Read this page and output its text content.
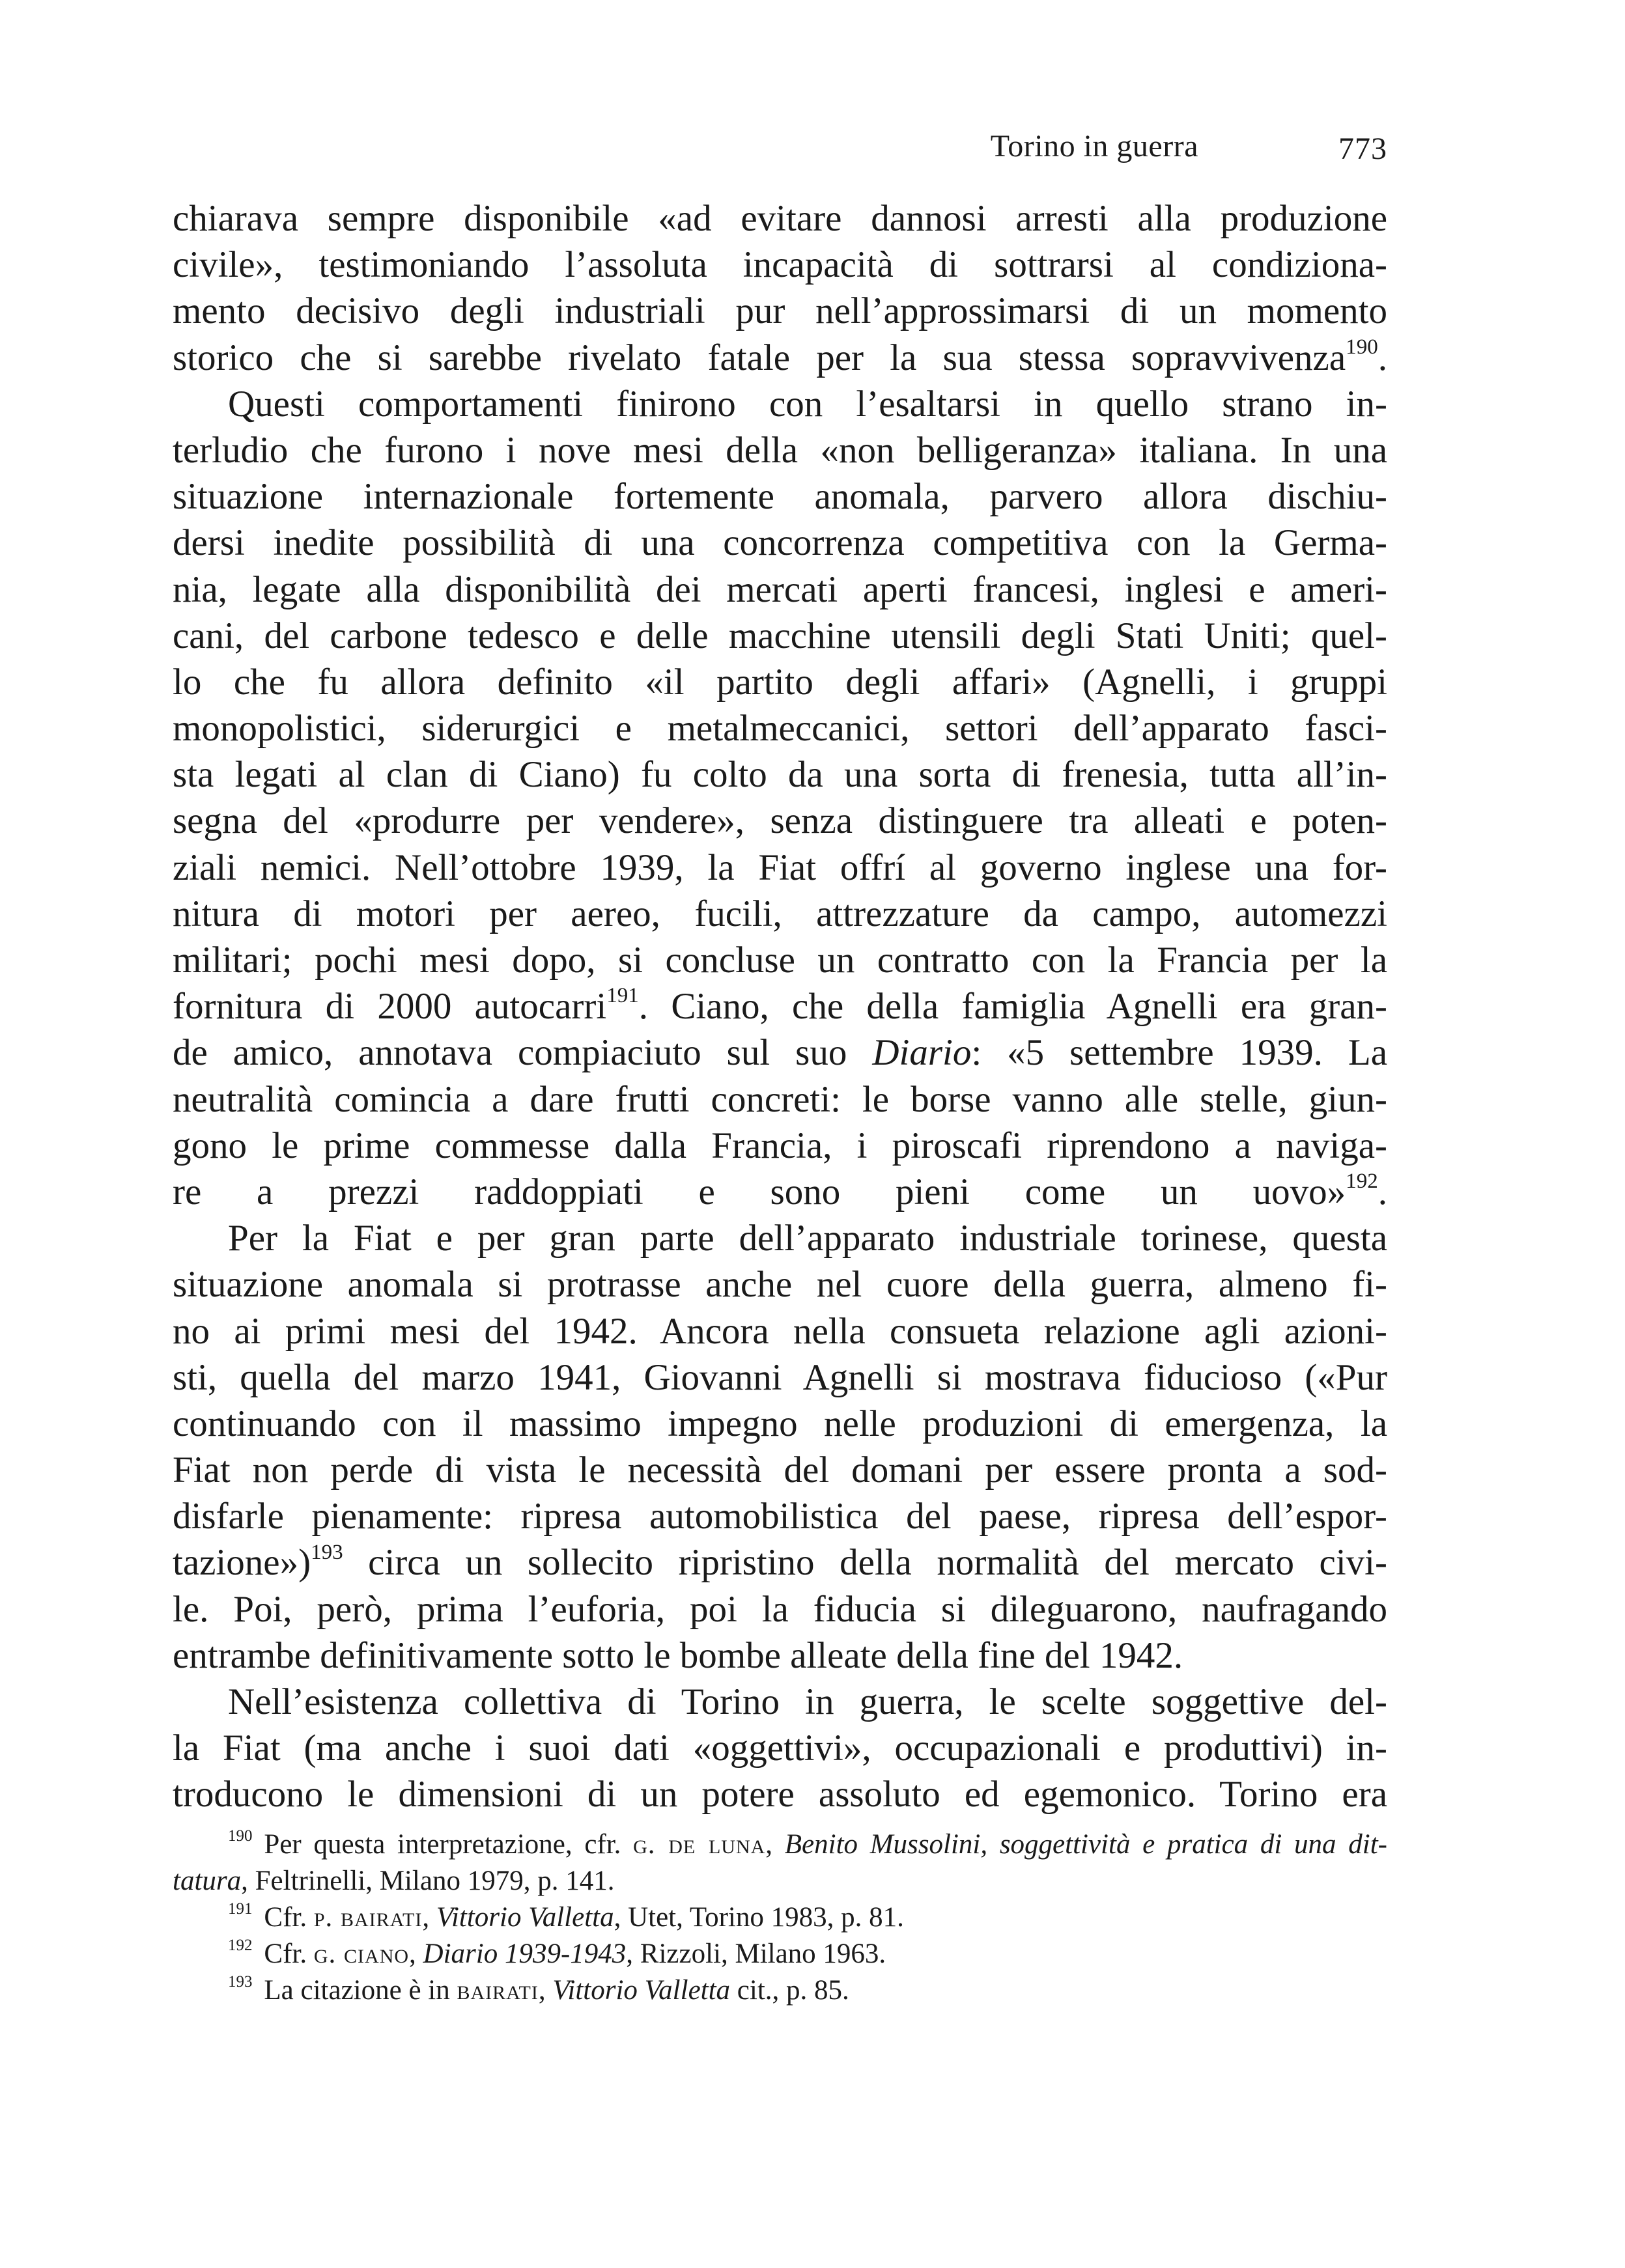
Torino in guerra	773
chiarava sempre disponibile «ad evitare dannosi arresti alla produzione
civile», testimoniando l’assoluta incapacità di sottrarsi al condiziona-
mento decisivo degli industriali pur nell’approssimarsi di un momento
storico che si sarebbe rivelato fatale per la sua stessa sopravvivenza$^{190}$.
Questi comportamenti finirono con l’esaltarsi in quello strano in-
terludio che furono i nove mesi della «non belligeranza» italiana. In una
situazione internazionale fortemente anomala, parvero allora dischiu-
dersi inedite possibilità di una concorrenza competitiva con la Germa-
nia, legate alla disponibilità dei mercati aperti francesi, inglesi e ameri-
cani, del carbone tedesco e delle macchine utensili degli Stati Uniti; quel-
lo che fu allora definito «il partito degli affari» (Agnelli, i gruppi
monopolistici, siderurgici e metalmeccanici, settori dell’apparato fasci-
sta legati al clan di Ciano) fu colto da una sorta di frenesia, tutta all’in-
segna del «produrre per vendere», senza distinguere tra alleati e poten-
ziali nemici. Nell’ottobre 1939, la Fiat offrí al governo inglese una for-
nitura di motori per aereo, fucili, attrezzature da campo, automezzi
militari; pochi mesi dopo, si concluse un contratto con la Francia per la
fornitura di 2000 autocarri$^{191}$. Ciano, che della famiglia Agnelli era gran-
de amico, annotava compiaciuto sul suo Diario: «5 settembre 1939. La
neutralità comincia a dare frutti concreti: le borse vanno alle stelle, giun-
gono le prime commesse dalla Francia, i piroscafi riprendono a naviga-
re a prezzi raddoppiati e sono pieni come un uovo»$^{192}$.
Per la Fiat e per gran parte dell’apparato industriale torinese, questa
situazione anomala si protrasse anche nel cuore della guerra, almeno fi-
no ai primi mesi del 1942. Ancora nella consueta relazione agli azioni-
sti, quella del marzo 1941, Giovanni Agnelli si mostrava fiducioso («Pur
continuando con il massimo impegno nelle produzioni di emergenza, la
Fiat non perde di vista le necessità del domani per essere pronta a sod-
disfarle pienamente: ripresa automobilistica del paese, ripresa dell’espor-
tazione»)$^{193}$ circa un sollecito ripristino della normalità del mercato civi-
le. Poi, però, prima l’euforia, poi la fiducia si dileguarono, naufragando
entrambe definitivamente sotto le bombe alleate della fine del 1942.
Nell’esistenza collettiva di Torino in guerra, le scelte soggettive del-
la Fiat (ma anche i suoi dati «oggettivi», occupazionali e produttivi) in-
troducono le dimensioni di un potere assoluto ed egemonico. Torino era
$^{190}$ Per questa interpretazione, cfr. g. de luna, Benito Mussolini, soggettività e pratica di una dit-
tatura, Feltrinelli, Milano 1979, p. 141.
$^{191}$ Cfr. p. bairati, Vittorio Valletta, Utet, Torino 1983, p. 81.
$^{192}$ Cfr. g. ciano, Diario 1939-1943, Rizzoli, Milano 1963.
$^{193}$ La citazione è in bairati, Vittorio Valletta cit., p. 85.
